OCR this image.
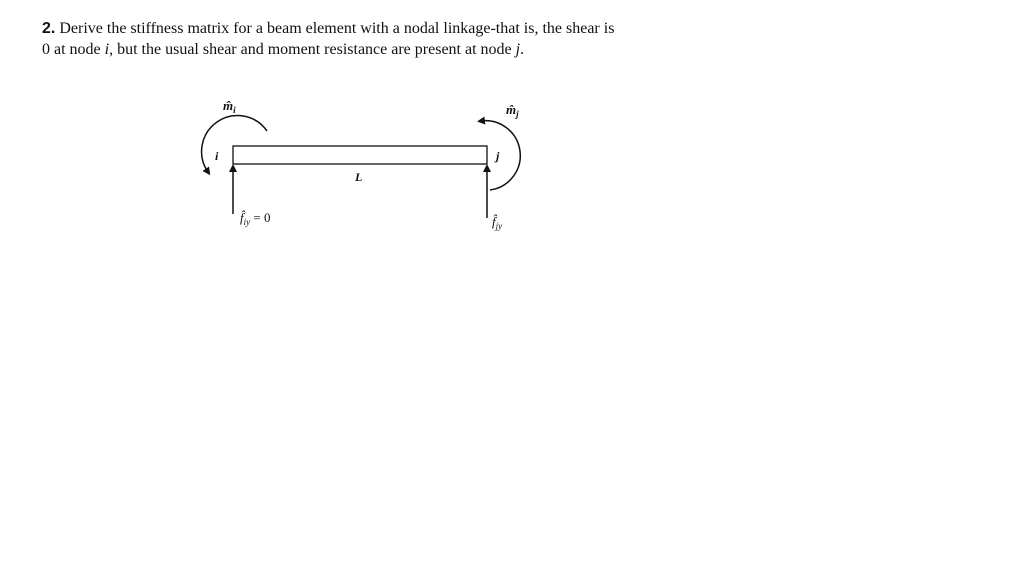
2. Derive the stiffness matrix for a beam element with a nodal linkage-that is, the shear is
0 at node i, but the usual shear and moment resistance are present at node j.

$m̂_i$	$m̂_j$
i	j
L
$f̂_{iy} = 0$	$f̂_{jy}$
